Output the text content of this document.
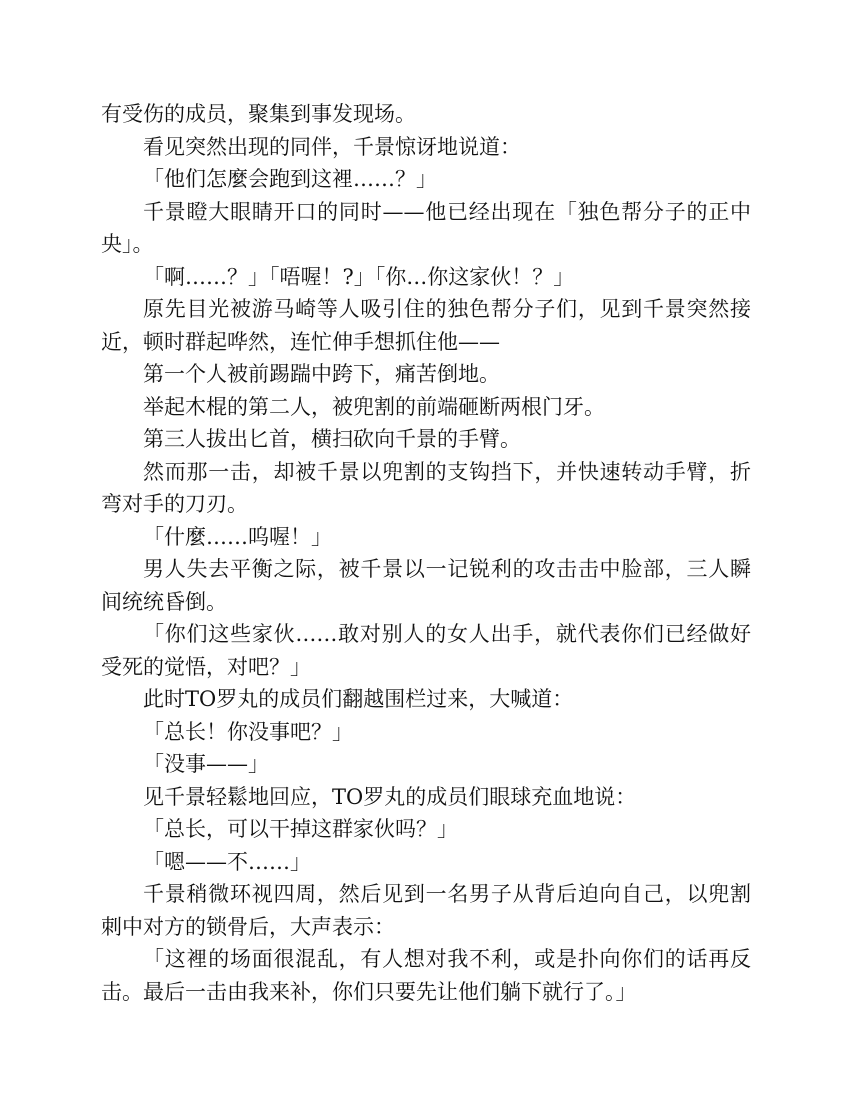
有受伤的成员，聚集到事发现场。

看见突然出现的同伴，千景惊讶地说道：

「他们怎麼会跑到这裡……？」

千景瞪大眼睛开口的同时——他已经出现在「独色帮分子的正中央」。

「啊……？」「唔喔！?」「你…你这家伙！？」

原先目光被游马崎等人吸引住的独色帮分子们，见到千景突然接近，顿时群起哗然，连忙伸手想抓住他——

第一个人被前踢踹中跨下，痛苦倒地。

举起木棍的第二人，被兜割的前端砸断两根门牙。

第三人拔出匕首，横扫砍向千景的手臂。

然而那一击，却被千景以兜割的支钩挡下，并快速转动手臂，折弯对手的刀刃。

「什麼……呜喔！」

男人失去平衡之际，被千景以一记锐利的攻击击中脸部，三人瞬间统统昏倒。

「你们这些家伙……敢对别人的女人出手，就代表你们已经做好受死的觉悟，对吧？」

此时TO罗丸的成员们翻越围栏过来，大喊道：

「总长！你没事吧？」

「没事——」

见千景轻鬆地回应，TO罗丸的成员们眼球充血地说：

「总长，可以干掉这群家伙吗？」

「嗯——不……」

千景稍微环视四周，然后见到一名男子从背后迫向自己，以兜割刺中对方的锁骨后，大声表示：

「这裡的场面很混乱，有人想对我不利，或是扑向你们的话再反击。最后一击由我来补，你们只要先让他们躺下就行了。」
